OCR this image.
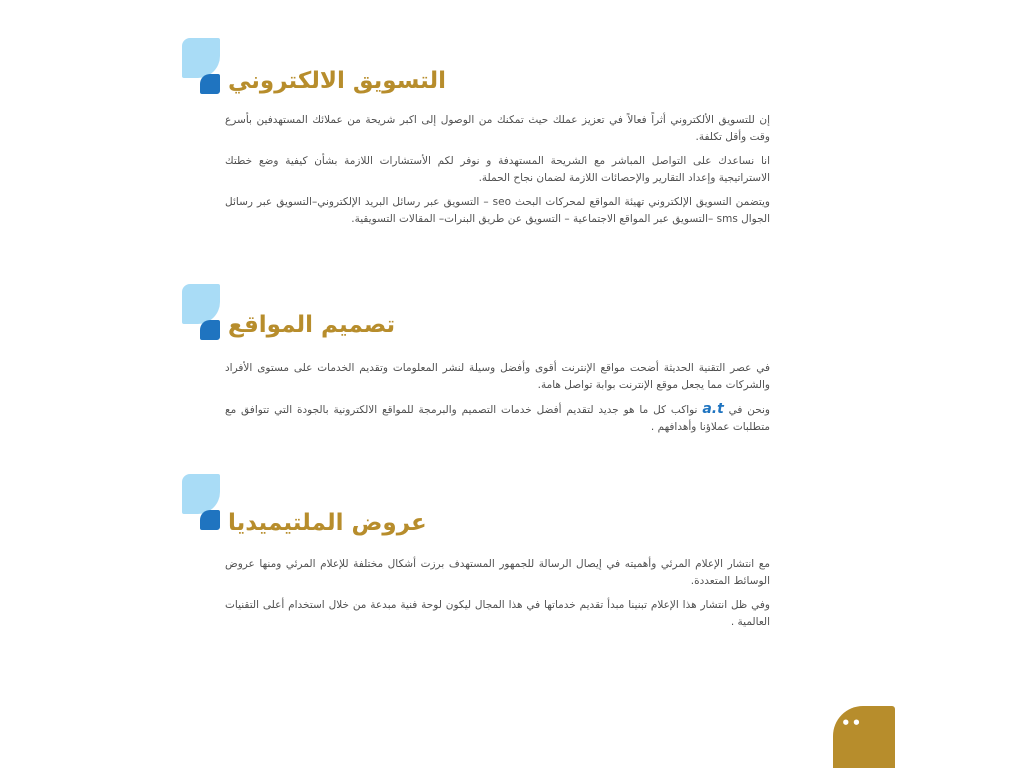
التسويق الالكتروني

إن للتسويق الألكتروني أثراً فعالاً في تعزيز عملك حيث تمكنك من الوصول إلى اكبر شريحة من عملائك المستهدفين بأسرع وقت وأقل تكلفة.

انا نساعدك على التواصل المباشر مع الشريحة المستهدفة و نوفر لكم الأستشارات اللازمة بشأن كيفية وضع خطتك الاستراتيجية وإعداد التقارير والإحصائات اللازمة لضمان نجاح الحملة.

ويتضمن التسويق الإلكتروني تهيئة المواقع لمحركات البحث seo – التسويق عبر رسائل البريد الإلكتروني–التسويق عبر رسائل الجوال sms –التسويق عبر المواقع الاجتماعية – التسويق عن طريق البنرات– المقالات التسويقية.

تصميم المواقع

في عصر التقنية الحديثة أضحت مواقع الإنترنت أقوى وأفضل وسيلة لنشر المعلومات وتقديم الخدمات على مستوى الأفراد والشركات مما يجعل موقع الإنترنت بوابة تواصل هامة.

ونحن في a.t نواكب كل ما هو جديد لتقديم أفضل خدمات التصميم والبرمجة للمواقع الالكترونية بالجودة التي تتوافق مع متطلبات عملاؤنا وأهدافهم .

عروض الملتيميديا

مع انتشار الإعلام المرئي وأهميته في إيصال الرسالة للجمهور المستهدف برزت أشكال مختلفة للإعلام المرئي ومنها عروض الوسائط المتعددة.

وفي ظل انتشار هذا الإعلام تبنينا مبدأ تقديم خدماتها في هذا المجال ليكون لوحة فنية مبدعة من خلال استخدام أعلى التقنيات العالمية .

••
